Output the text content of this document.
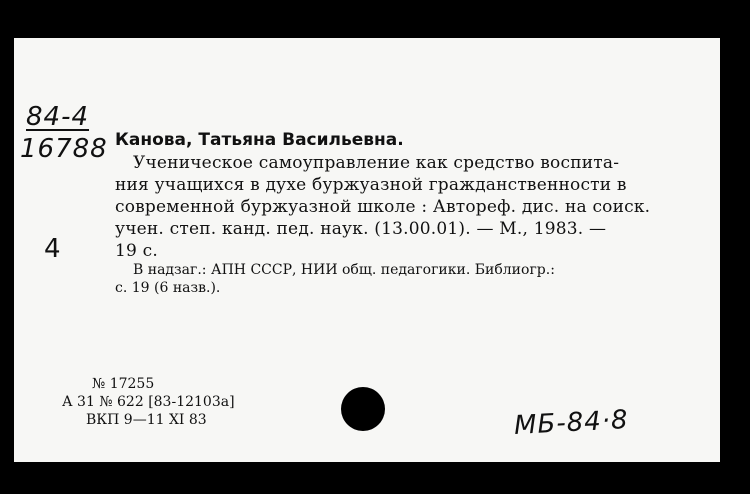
84-4
16788
4
Канова, Татьяна Васильевна.
Ученическое самоуправление как средство воспита-
ния учащихся в духе буржуазной гражданственности в
современной буржуазной школе : Автореф. дис. на соиск.
учен. степ. канд. пед. наук. (13.00.01). — М., 1983. —
19 с.
В надзаг.: АПН СССР, НИИ общ. педагогики. Библиогр.:
с. 19 (6 назв.).
№ 17255
А 31 № 622 [83-12103а]
ВКП 9—11 XI 83	МБ-84·8
